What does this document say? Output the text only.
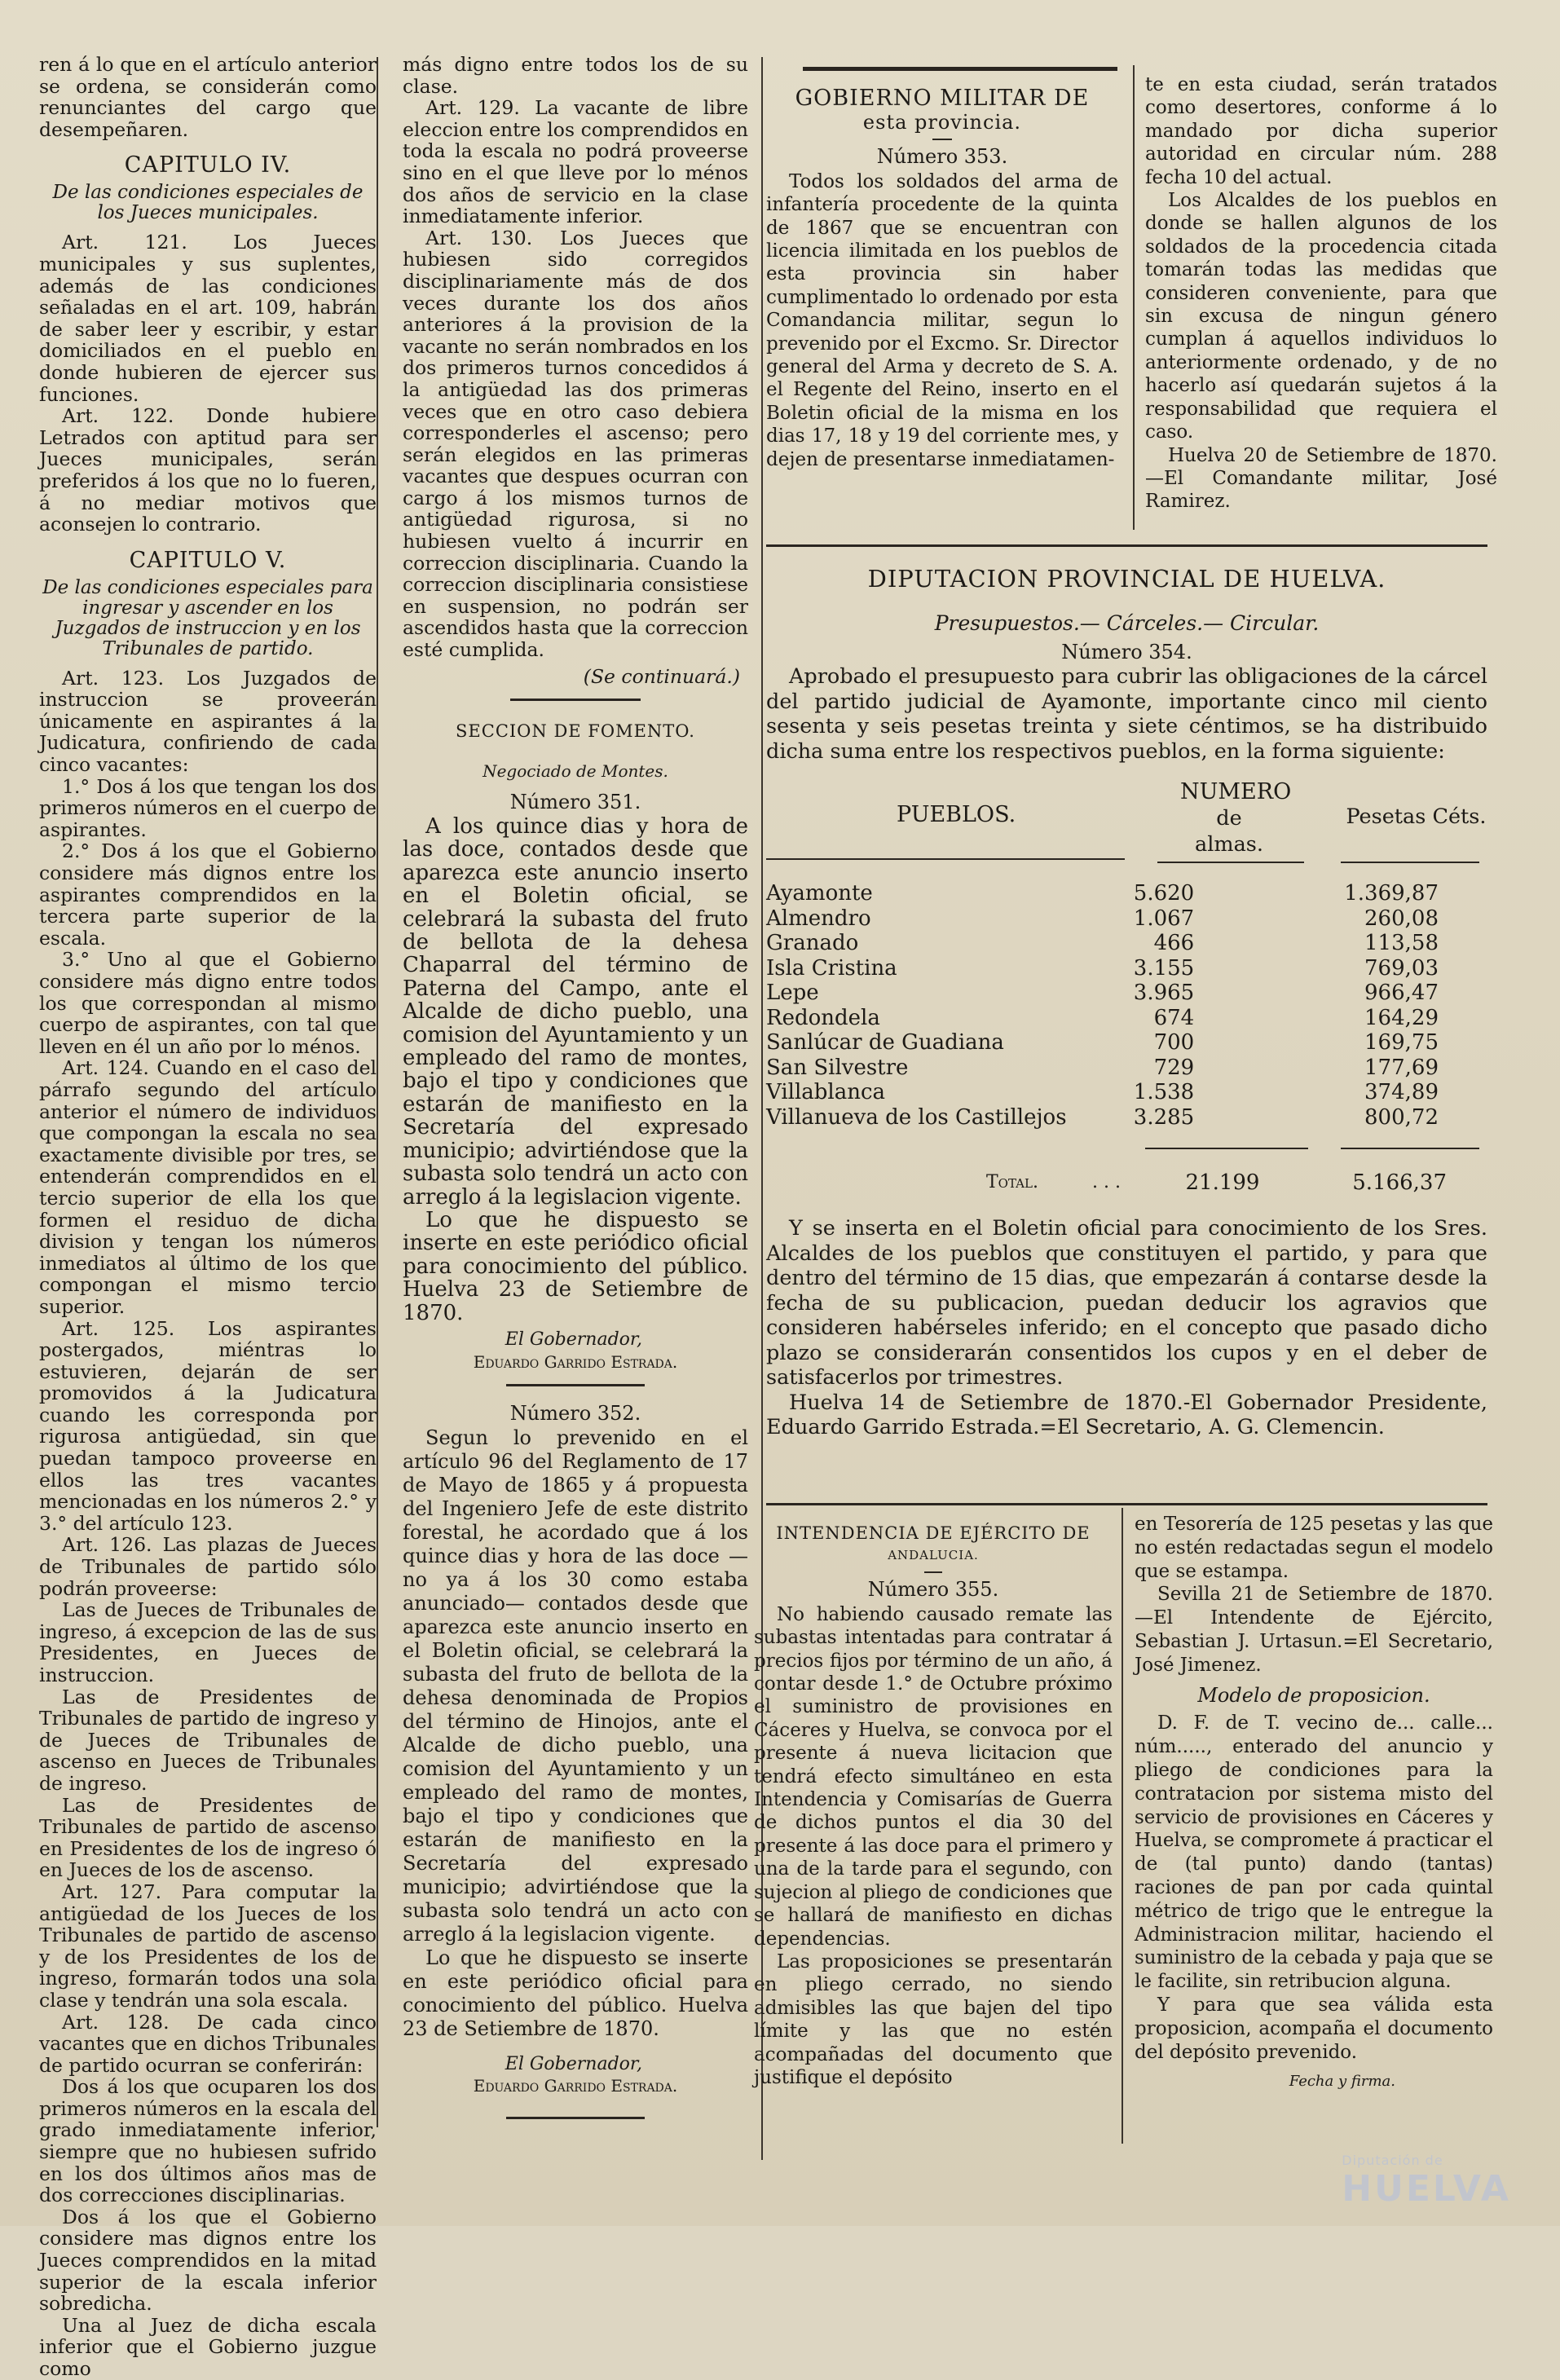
ren á lo que en el artículo anterior se ordena, se considerán como renunciantes del cargo que desempeñaren.

CAPITULO IV.
De las condiciones especiales de los Jueces municipales.

Art. 121. Los Jueces municipales y sus suplentes, además de las condiciones señaladas en el art. 109, habrán de saber leer y escribir, y estar domiciliados en el pueblo en donde hubieren de ejercer sus funciones.

Art. 122. Donde hubiere Letrados con aptitud para ser Jueces municipales, serán preferidos á los que no lo fueren, á no mediar motivos que aconsejen lo contrario.

CAPITULO V.
De las condiciones especiales para ingresar y ascender en los Juzgados de instruccion y en los Tribunales de partido.

Art. 123. Los Juzgados de instruccion se proveerán únicamente en aspirantes á la Judicatura, confiriendo de cada cinco vacantes:

1.° Dos á los que tengan los dos primeros números en el cuerpo de aspirantes.

2.° Dos á los que el Gobierno considere más dignos entre los aspirantes comprendidos en la tercera parte superior de la escala.

3.° Uno al que el Gobierno considere más digno entre todos los que correspondan al mismo cuerpo de aspirantes, con tal que lleven en él un año por lo ménos.

Art. 124. Cuando en el caso del párrafo segundo del artículo anterior el número de individuos que compongan la escala no sea exactamente divisible por tres, se entenderán comprendidos en el tercio superior de ella los que formen el residuo de dicha division y tengan los números inmediatos al último de los que compongan el mismo tercio superior.

Art. 125. Los aspirantes postergados, miéntras lo estuvieren, dejarán de ser promovidos á la Judicatura cuando les corresponda por rigurosa antigüedad, sin que puedan tampoco proveerse en ellos las tres vacantes mencionadas en los números 2.° y 3.° del artículo 123.

Art. 126. Las plazas de Jueces de Tribunales de partido sólo podrán proveerse:

Las de Jueces de Tribunales de ingreso, á excepcion de las de sus Presidentes, en Jueces de instruccion.

Las de Presidentes de Tribunales de partido de ingreso y de Jueces de Tribunales de ascenso en Jueces de Tribunales de ingreso.

Las de Presidentes de Tribunales de partido de ascenso en Presidentes de los de ingreso ó en Jueces de los de ascenso.

Art. 127. Para computar la antigüedad de los Jueces de los Tribunales de partido de ascenso y de los Presidentes de los de ingreso, formarán todos una sola clase y tendrán una sola escala.

Art. 128. De cada cinco vacantes que en dichos Tribunales de partido ocurran se conferirán:

Dos á los que ocuparen los dos primeros números en la escala del grado inmediatamente inferior, siempre que no hubiesen sufrido en los dos últimos años mas de dos correcciones disciplinarias.

Dos á los que el Gobierno considere mas dignos entre los Jueces comprendidos en la mitad superior de la escala inferior sobredicha.

Una al Juez de dicha escala inferior que el Gobierno juzgue como

más digno entre todos los de su clase.

Art. 129. La vacante de libre eleccion entre los comprendidos en toda la escala no podrá proveerse sino en el que lleve por lo ménos dos años de servicio en la clase inmediatamente inferior.

Art. 130. Los Jueces que hubiesen sido corregidos disciplinariamente más de dos veces durante los dos años anteriores á la provision de la vacante no serán nombrados en los dos primeros turnos concedidos á la antigüedad las dos primeras veces que en otro caso debiera corresponderles el ascenso; pero serán elegidos en las primeras vacantes que despues ocurran con cargo á los mismos turnos de antigüedad rigurosa, si no hubiesen vuelto á incurrir en correccion disciplinaria. Cuando la correccion disciplinaria consistiese en suspension, no podrán ser ascendidos hasta que la correccion esté cumplida.

(Se continuará.)
SECCION DE FOMENTO.
Negociado de Montes.
Número 351.

A los quince dias y hora de las doce, contados desde que aparezca este anuncio inserto en el Boletin oficial, se celebrará la subasta del fruto de bellota de la dehesa Chaparral del término de Paterna del Campo, ante el Alcalde de dicho pueblo, una comision del Ayuntamiento y un empleado del ramo de montes, bajo el tipo y condiciones que estarán de manifiesto en la Secretaría del expresado municipio; advirtiéndose que la subasta solo tendrá un acto con arreglo á la legislacion vigente.

Lo que he dispuesto se inserte en este periódico oficial para conocimiento del público. Huelva 23 de Setiembre de 1870.

El Gobernador,
Eduardo Garrido Estrada.
Número 352.

Segun lo prevenido en el artículo 96 del Reglamento de 17 de Mayo de 1865 y á propuesta del Ingeniero Jefe de este distrito forestal, he acordado que á los quince dias y hora de las doce —no ya á los 30 como estaba anunciado— contados desde que aparezca este anuncio inserto en el Boletin oficial, se celebrará la subasta del fruto de bellota de la dehesa denominada de Propios del término de Hinojos, ante el Alcalde de dicho pueblo, una comision del Ayuntamiento y un empleado del ramo de montes, bajo el tipo y condiciones que estarán de manifiesto en la Secretaría del expresado municipio; advirtiéndose que la subasta solo tendrá un acto con arreglo á la legislacion vigente.

Lo que he dispuesto se inserte en este periódico oficial para conocimiento del público. Huelva 23 de Setiembre de 1870.

El Gobernador,
Eduardo Garrido Estrada.
GOBIERNO MILITAR DE
esta provincia.
Número 353.

Todos los soldados del arma de infantería procedente de la quinta de 1867 que se encuentran con licencia ilimitada en los pueblos de esta provincia sin haber cumplimentado lo ordenado por esta Comandancia militar, segun lo prevenido por el Excmo. Sr. Director general del Arma y decreto de S. A. el Regente del Reino, inserto en el Boletin oficial de la misma en los dias 17, 18 y 19 del corriente mes, y dejen de presentarse inmediatamen-

te en esta ciudad, serán tratados como desertores, conforme á lo mandado por dicha superior autoridad en circular núm. 288 fecha 10 del actual.

Los Alcaldes de los pueblos en donde se hallen algunos de los soldados de la procedencia citada tomarán todas las medidas que consideren conveniente, para que sin excusa de ningun género cumplan á aquellos individuos lo anteriormente ordenado, y de no hacerlo así quedarán sujetos á la responsabilidad que requiera el caso.

Huelva 20 de Setiembre de 1870.—El Comandante militar, José Ramirez.

DIPUTACION PROVINCIAL DE HUELVA.
Presupuestos.— Cárceles.— Circular.
Número 354.

Aprobado el presupuesto para cubrir las obligaciones de la cárcel del partido judicial de Ayamonte, importante cinco mil ciento sesenta y seis pesetas treinta y siete céntimos, se ha distribuido dicha suma entre los respectivos pueblos, en la forma siguiente:

PUEBLOS.
NUMERO
de
almas.
Pesetas Céts.
Ayamonte	5.620	1.369,87
Almendro	1.067	260,08
Granado	466	113,58
Isla Cristina	3.155	769,03
Lepe	3.965	966,47
Redondela	674	164,29
Sanlúcar de Guadiana	700	169,75
San Silvestre	729	177,69
Villablanca	1.538	374,89
Villanueva de los Castillejos	3.285	800,72
Total.	. . .	21.199	5.166,37

Y se inserta en el Boletin oficial para conocimiento de los Sres. Alcaldes de los pueblos que constituyen el partido, y para que dentro del término de 15 dias, que empezarán á contarse desde la fecha de su publicacion, puedan deducir los agravios que consideren habérseles inferido; en el concepto que pasado dicho plazo se considerarán consentidos los cupos y en el deber de satisfacerlos por trimestres.

Huelva 14 de Setiembre de 1870.-El Gobernador Presidente, Eduardo Garrido Estrada.=El Secretario, A. G. Clemencin.

INTENDENCIA DE EJÉRCITO DE
ANDALUCIA.
Número 355.

No habiendo causado remate las subastas intentadas para contratar á precios fijos por término de un año, á contar desde 1.° de Octubre próximo el suministro de provisiones en Cáceres y Huelva, se convoca por el presente á nueva licitacion que tendrá efecto simultáneo en esta Intendencia y Comisarías de Guerra de dichos puntos el dia 30 del presente á las doce para el primero y una de la tarde para el segundo, con sujecion al pliego de condiciones que se hallará de manifiesto en dichas dependencias.

Las proposiciones se presentarán en pliego cerrado, no siendo admisibles las que bajen del tipo límite y las que no estén acompañadas del documento que justifique el depósito

en Tesorería de 125 pesetas y las que no estén redactadas segun el modelo que se estampa.

Sevilla 21 de Setiembre de 1870. —El Intendente de Ejército, Sebastian J. Urtasun.=El Secretario, José Jimenez.

Modelo de proposicion.

D. F. de T. vecino de... calle... núm....., enterado del anuncio y pliego de condiciones para la contratacion por sistema misto del servicio de provisiones en Cáceres y Huelva, se compromete á practicar el de (tal punto) dando (tantas) raciones de pan por cada quintal métrico de trigo que le entregue la Administracion militar, haciendo el suministro de la cebada y paja que se le facilite, sin retribucion alguna.

Y para que sea válida esta proposicion, acompaña el documento del depósito prevenido.

Fecha y firma.
Diputación de
HUELVA
